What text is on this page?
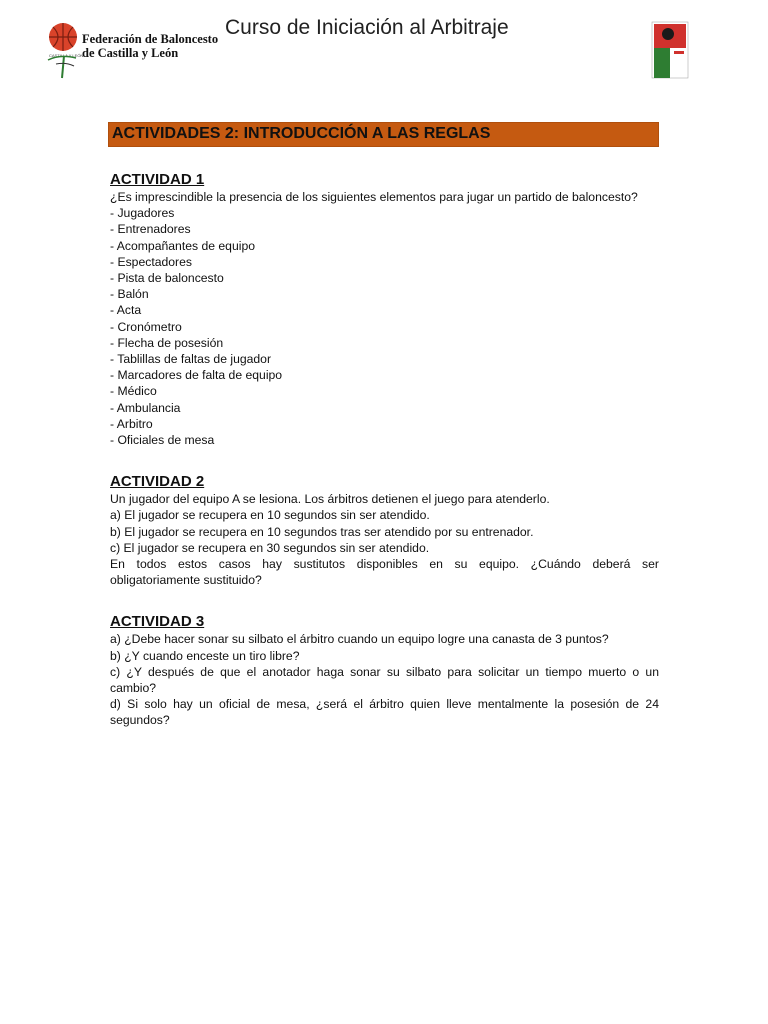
CASTILLA Y LEÓN
Federación de Baloncesto
de Castilla y León
Curso de Iniciación al Arbitraje
ACTIVIDADES 2: INTRODUCCIÓN A LAS REGLAS
ACTIVIDAD 1
¿Es imprescindible la presencia de los siguientes elementos para jugar un partido de baloncesto?
- Jugadores
- Entrenadores
- Acompañantes de equipo
- Espectadores
- Pista de baloncesto
- Balón
- Acta
- Cronómetro
- Flecha de posesión
- Tablillas de faltas de jugador
- Marcadores de falta de equipo
- Médico
- Ambulancia
- Arbitro
- Oficiales de mesa
ACTIVIDAD 2
Un jugador del equipo A se lesiona. Los árbitros detienen el juego para atenderlo.
a) El jugador se recupera en 10 segundos sin ser atendido.
b) El jugador se recupera en 10 segundos tras ser atendido por su entrenador.
c) El jugador se recupera en 30 segundos sin ser atendido.
En todos estos casos hay sustitutos disponibles en su equipo. ¿Cuándo deberá ser
obligatoriamente sustituido?
ACTIVIDAD 3
a) ¿Debe hacer sonar su silbato el árbitro cuando un equipo logre una canasta de 3 puntos?
b) ¿Y cuando enceste un tiro libre?
c) ¿Y después de que el anotador haga sonar su silbato para solicitar un tiempo muerto o un
cambio?
d) Si solo hay un oficial de mesa, ¿será el árbitro quien lleve mentalmente la posesión de 24
segundos?
